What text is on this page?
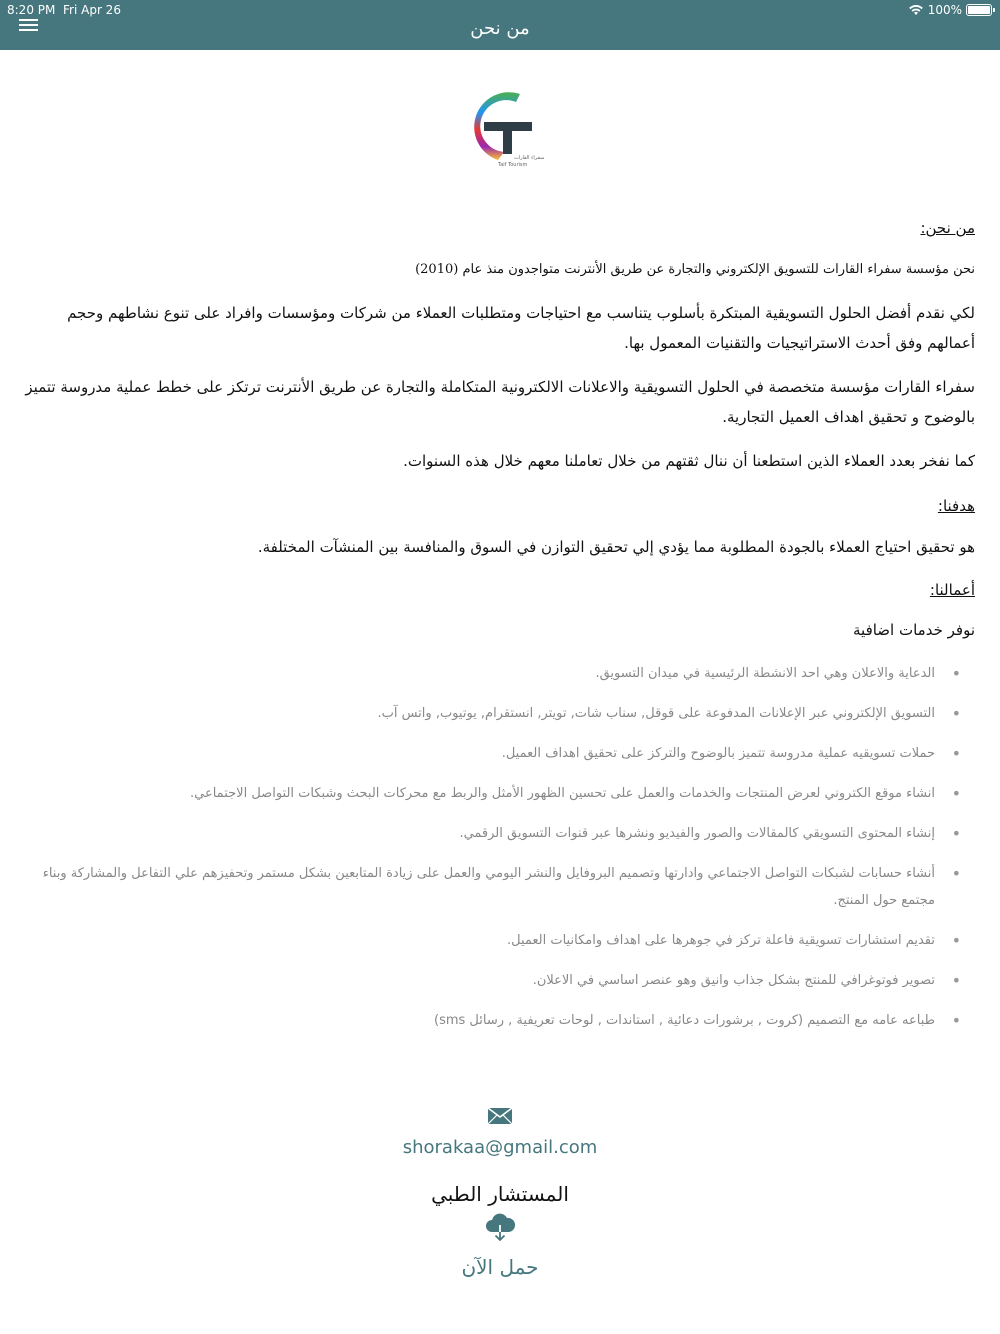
8:20 PM Fri Apr 26	100%
من نحن
سفراء القارات
Taif Tourism
من نحن:
نحن مؤسسة سفراء القارات للتسويق الإلكتروني والتجارة عن طريق الأنترنت متواجدون منذ عام (2010)
لكي نقدم أفضل الحلول التسويقية المبتكرة بأسلوب يتناسب مع احتياجات ومتطلبات العملاء من شركات ومؤسسات وافراد على تنوع نشاطهم وحجم أعمالهم وفق أحدث الاستراتيجيات والتقنيات المعمول بها.
سفراء القارات مؤسسة متخصصة في الحلول التسويقية والاعلانات الالكترونية المتكاملة والتجارة عن طريق الأنترنت ترتكز على خطط عملية مدروسة تتميز بالوضوح و تحقيق اهداف العميل التجارية.
كما نفخر بعدد العملاء الذين استطعنا أن ننال ثقتهم من خلال تعاملنا معهم خلال هذه السنوات.
هدفنا:
هو تحقيق احتياج العملاء بالجودة المطلوبة مما يؤدي إلي تحقيق التوازن في السوق والمنافسة بين المنشآت المختلفة.
أعمالنا:
نوفر خدمات اضافية
• الدعاية والاعلان وهي احد الانشطة الرئيسية في ميدان التسويق.
• التسويق الإلكتروني عبر الإعلانات المدفوعة على قوقل, سناب شات, تويتر, انستقرام, يوتيوب, واتس آب.
• حملات تسويقيه عملية مدروسة تتميز بالوضوح والتركز على تحقيق اهداف العميل.
• انشاء موقع الكتروني لعرض المنتجات والخدمات والعمل على تحسين الظهور الأمثل والربط مع محركات البحث وشبكات التواصل الاجتماعي.
• إنشاء المحتوى التسويقي كالمقالات والصور والفيديو ونشرها عبر قنوات التسويق الرقمي.
• أنشاء حسابات لشبكات التواصل الاجتماعي وادارتها وتصميم البروفايل والنشر اليومي والعمل على زيادة المتابعين بشكل مستمر وتحفيزهم علي التفاعل والمشاركة وبناء مجتمع حول المنتج.
• تقديم استشارات تسويقية فاعلة تركز في جوهرها على اهداف وامكانيات العميل.
• تصوير فوتوغرافي للمنتج بشكل جذاب وانيق وهو عنصر اساسي في الاعلان.
• طباعه عامه مع التصميم (كروت , برشورات دعائية , استاندات , لوحات تعريفية , رسائل sms)
shorakaa@gmail.com
المستشار الطبي
حمل الآن
